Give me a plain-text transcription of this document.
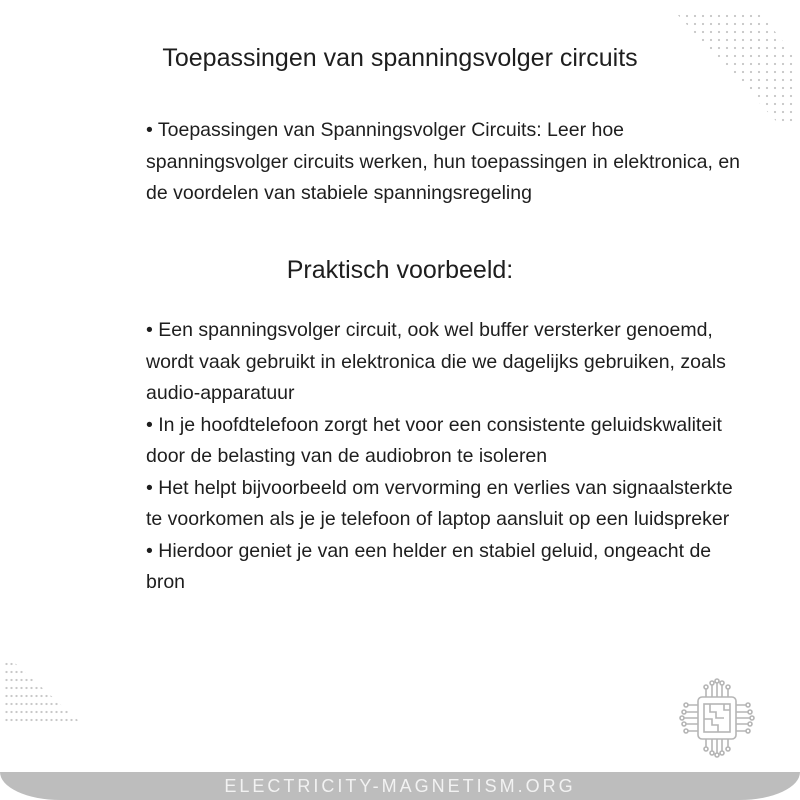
Toepassingen van spanningsvolger circuits
• Toepassingen van Spanningsvolger Circuits: Leer hoe
spanningsvolger circuits werken, hun toepassingen in elektronica, en
de voordelen van stabiele spanningsregeling
Praktisch voorbeeld:
• Een spanningsvolger circuit, ook wel buffer versterker genoemd,
wordt vaak gebruikt in elektronica die we dagelijks gebruiken, zoals
audio-apparatuur
• In je hoofdtelefoon zorgt het voor een consistente geluidskwaliteit
door de belasting van de audiobron te isoleren
• Het helpt bijvoorbeeld om vervorming en verlies van signaalsterkte
te voorkomen als je je telefoon of laptop aansluit op een luidspreker
• Hierdoor geniet je van een helder en stabiel geluid, ongeacht de
bron
ELECTRICITY-MAGNETISM.ORG
